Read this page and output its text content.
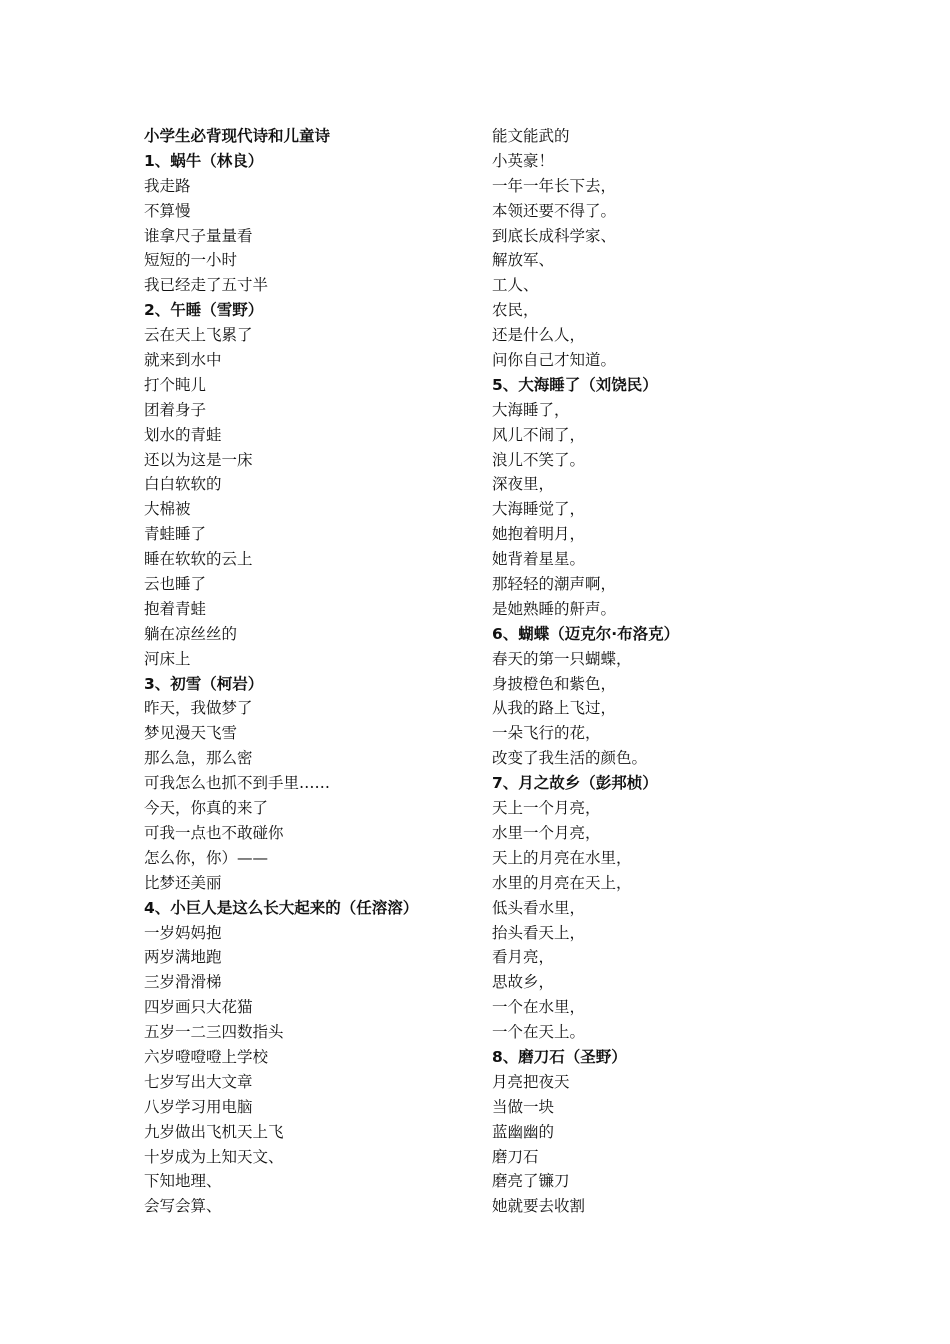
小学生必背现代诗和儿童诗
1、蜗牛（林良）
我走路
不算慢
谁拿尺子量量看
短短的一小时
我已经走了五寸半
2、午睡（雪野）
云在天上飞累了
就来到水中
打个盹儿
团着身子
划水的青蛙
还以为这是一床
白白软软的
大棉被
青蛙睡了
睡在软软的云上
云也睡了
抱着青蛙
躺在凉丝丝的
河床上
3、初雪（柯岩）
昨天，我做梦了
梦见漫天飞雪
那么急，那么密
可我怎么也抓不到手里……
今天，你真的来了
可我一点也不敢碰你
怎么你，你）——
比梦还美丽
4、小巨人是这么长大起来的（任溶溶）
一岁妈妈抱
两岁满地跑
三岁滑滑梯
四岁画只大花猫
五岁一二三四数指头
六岁噔噔噔上学校
七岁写出大文章
八岁学习用电脑
九岁做出飞机天上飞
十岁成为上知天文、
下知地理、
会写会算、
能文能武的
小英豪！
一年一年长下去，
本领还要不得了。
到底长成科学家、
解放军、
工人、
农民，
还是什么人，
问你自己才知道。
5、大海睡了（刘饶民）
大海睡了，
风儿不闹了，
浪儿不笑了。
深夜里，
大海睡觉了，
她抱着明月，
她背着星星。
那轻轻的潮声啊，
是她熟睡的鼾声。
6、蝴蝶（迈克尔·布洛克）
春天的第一只蝴蝶，
身披橙色和紫色，
从我的路上飞过，
一朵飞行的花，
改变了我生活的颜色。
7、月之故乡（彭邦桢）
天上一个月亮，
水里一个月亮，
天上的月亮在水里，
水里的月亮在天上，
低头看水里，
抬头看天上，
看月亮，
思故乡，
一个在水里，
一个在天上。
8、磨刀石（圣野）
月亮把夜天
当做一块
蓝幽幽的
磨刀石
磨亮了镰刀
她就要去收割
